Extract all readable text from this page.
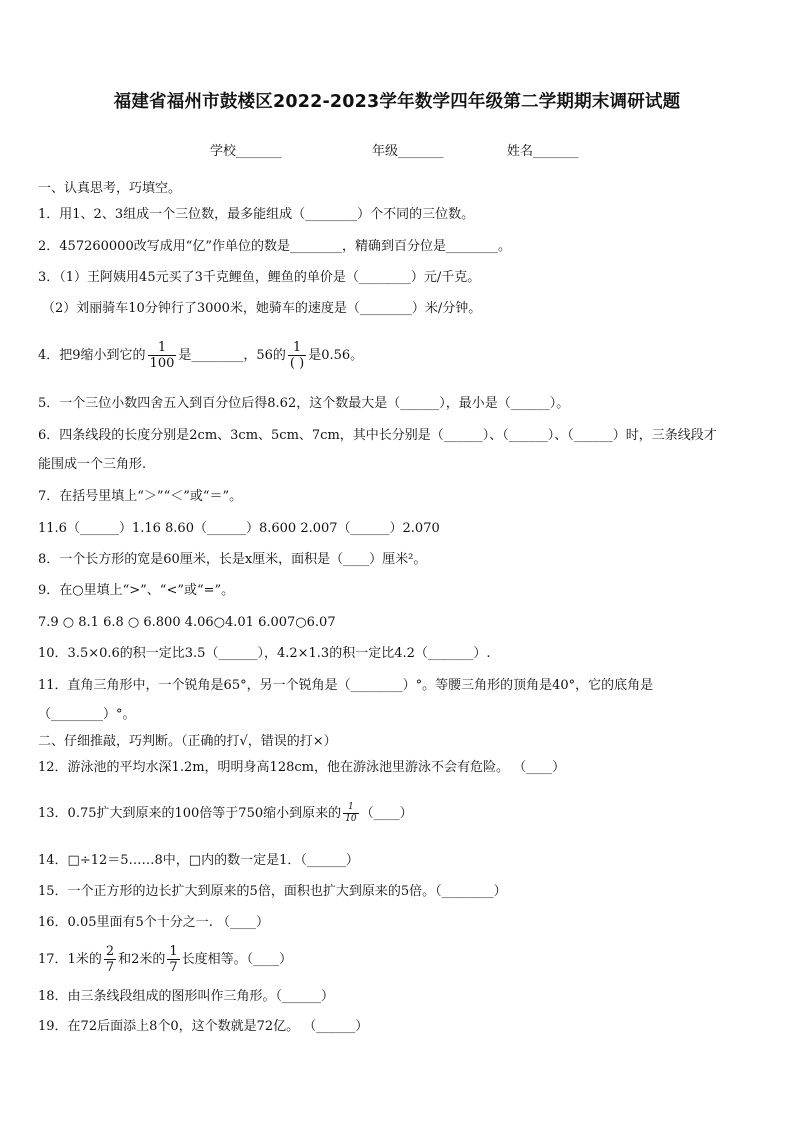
福建省福州市鼓楼区2022-2023学年数学四年级第二学期期末调研试题
学校_______	年级_______	姓名_______
一、认真思考，巧填空。
1．用1、2、3组成一个三位数，最多能组成（________）个不同的三位数。
2．457260000改写成用“亿”作单位的数是________，精确到百分位是________。
3．（1）王阿姨用45元买了3千克鲤鱼，鲤鱼的单价是（________）元/千克。
（2）刘丽骑车10分钟行了3000米，她骑车的速度是（________）米/分钟。
4．把9缩小到它的 $\frac{1}{100}$ 是________，56的 $\frac{1}{( )}$ 是0.56。
5．一个三位小数四舍五入到百分位后得8.62，这个数最大是（______），最小是（______）。
6．四条线段的长度分别是2cm、3cm、5cm、7cm，其中长分别是（______）、（______）、（______）时，三条线段才
能围成一个三角形.
7．在括号里填上“＞”“＜”或“＝”。
11.6（______）1.16 8.60（______）8.600 2.007（______）2.070
8．一个长方形的宽是60厘米，长是x厘米，面积是（____）厘米²。
9．在○里填上“>”、“<”或“=”。
7.9 ○ 8.1 6.8 ○ 6.800 4.06○4.01 6.007○6.07
10．3.5×0.6的积一定比3.5（______），4.2×1.3的积一定比4.2（_______）.
11．直角三角形中，一个锐角是65°，另一个锐角是（________）°。等腰三角形的顶角是40°，它的底角是
（________）°。
二、仔细推敲，巧判断。（正确的打√，错误的打×）
12．游泳池的平均水深1.2m，明明身高128cm，他在游泳池里游泳不会有危险。 （____）
13．0.75扩大到原来的100倍等于750缩小到原来的 $\frac{1}{10}$ （____）
14．□÷12＝5……8中，□内的数一定是1．（______）
15．一个正方形的边长扩大到原来的5倍，面积也扩大到原来的5倍。（________）
16．0.05里面有5个十分之一. （____）
17．1米的 $\frac{2}{7}$ 和2米的 $\frac{1}{7}$ 长度相等。（____）
18．由三条线段组成的图形叫作三角形。（______）
19．在72后面添上8个0，这个数就是72亿。 （______）
